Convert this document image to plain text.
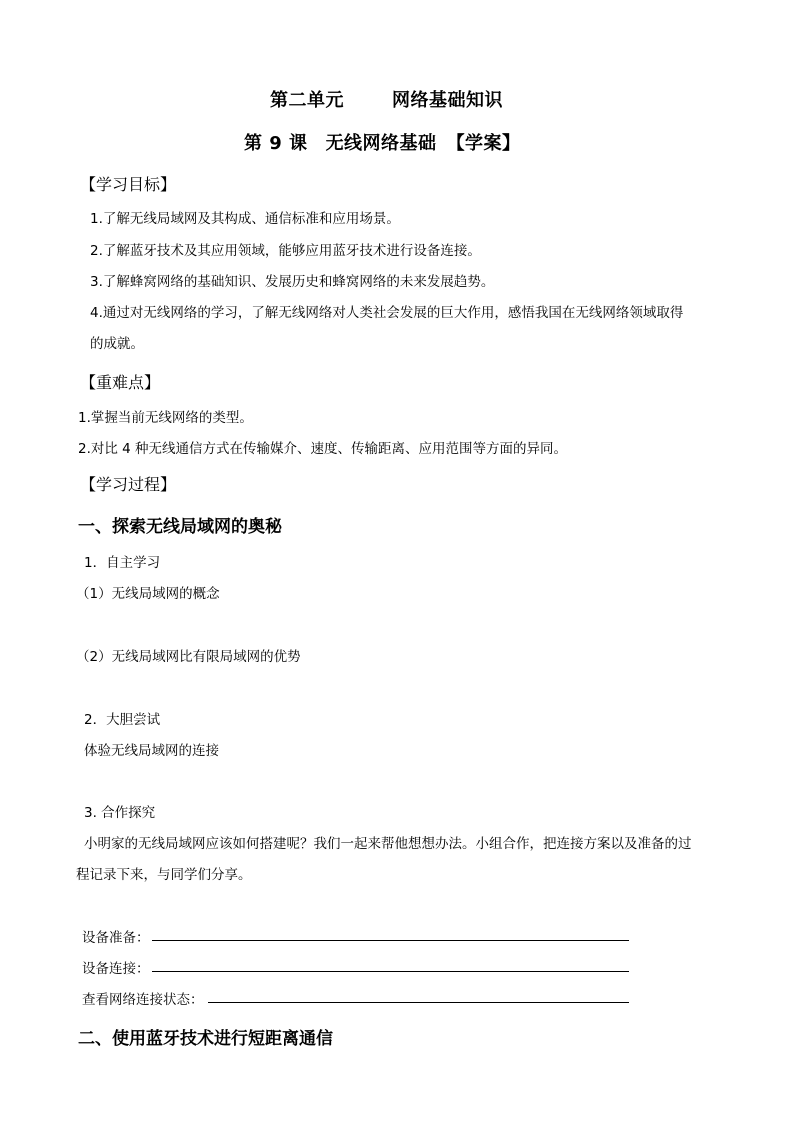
第二单元	网络基础知识
第 9 课 无线网络基础 【学案】
【学习目标】
1.了解无线局域网及其构成、通信标准和应用场景。
2.了解蓝牙技术及其应用领域，能够应用蓝牙技术进行设备连接。
3.了解蜂窝网络的基础知识、发展历史和蜂窝网络的未来发展趋势。
4.通过对无线网络的学习，了解无线网络对人类社会发展的巨大作用，感悟我国在无线网络领域取得
的成就。
【重难点】
1.掌握当前无线网络的类型。
2.对比 4 种无线通信方式在传输媒介、速度、传输距离、应用范围等方面的异同。
【学习过程】
一、探索无线局域网的奥秘
1．自主学习
（1）无线局域网的概念
（2）无线局域网比有限局域网的优势
2．大胆尝试
体验无线局域网的连接
3. 合作探究
小明家的无线局域网应该如何搭建呢？我们一起来帮他想想办法。小组合作，把连接方案以及准备的过
程记录下来，与同学们分享。
设备准备：
设备连接：
查看网络连接状态：
二、使用蓝牙技术进行短距离通信
